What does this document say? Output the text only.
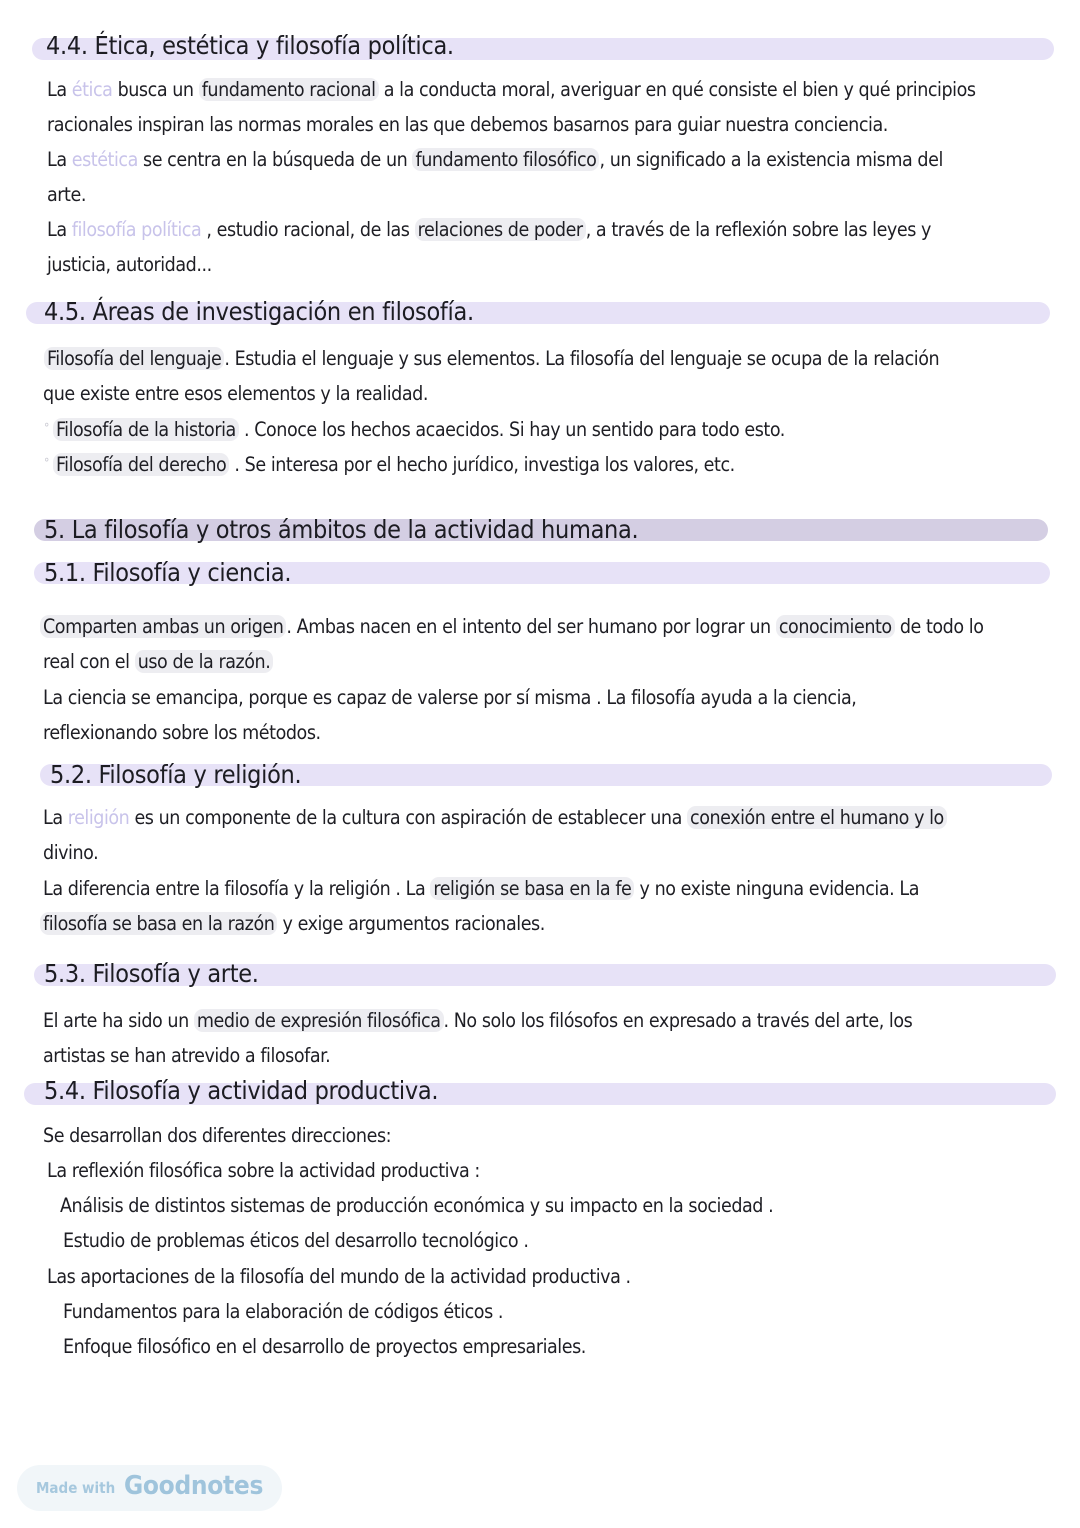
4.4. Ética, estética y filosofía política.
La ética busca un fundamento racional a la conducta moral, averiguar en qué consiste el bien y qué principios
racionales inspiran las normas morales en las que debemos basarnos para guiar nuestra conciencia.
La estética se centra en la búsqueda de un fundamento filosófico , un significado a la existencia misma del
arte.
La filosofía política , estudio racional, de las relaciones de poder , a través de la reflexión sobre las leyes y
justicia, autoridad...
4.5. Áreas de investigación en filosofía.
Filosofía del lenguaje . Estudia el lenguaje y sus elementos. La filosofía del lenguaje se ocupa de la relación
que existe entre esos elementos y la realidad.
° Filosofía de la historia . Conoce los hechos acaecidos. Si hay un sentido para todo esto.
° Filosofía del derecho . Se interesa por el hecho jurídico, investiga los valores, etc.
5. La filosofía y otros ámbitos de la actividad humana.
5.1. Filosofía y ciencia.
Comparten ambas un origen . Ambas nacen en el intento del ser humano por lograr un conocimiento de todo lo
real con el uso de la razón.
La ciencia se emancipa, porque es capaz de valerse por sí misma . La filosofía ayuda a la ciencia,
reflexionando sobre los métodos.
5.2. Filosofía y religión.
La religión es un componente de la cultura con aspiración de establecer una conexión entre el humano y lo
divino.
La diferencia entre la filosofía y la religión . La religión se basa en la fe y no existe ninguna evidencia. La
filosofía se basa en la razón y exige argumentos racionales.
5.3. Filosofía y arte.
El arte ha sido un medio de expresión filosófica . No solo los filósofos en expresado a través del arte, los
artistas se han atrevido a filosofar.
5.4. Filosofía y actividad productiva.
Se desarrollan dos diferentes direcciones:
La reflexión filosófica sobre la actividad productiva :
Análisis de distintos sistemas de producción económica y su impacto en la sociedad .
Estudio de problemas éticos del desarrollo tecnológico .
Las aportaciones de la filosofía del mundo de la actividad productiva .
Fundamentos para la elaboración de códigos éticos .
Enfoque filosófico en el desarrollo de proyectos empresariales.
Made with Goodnotes
